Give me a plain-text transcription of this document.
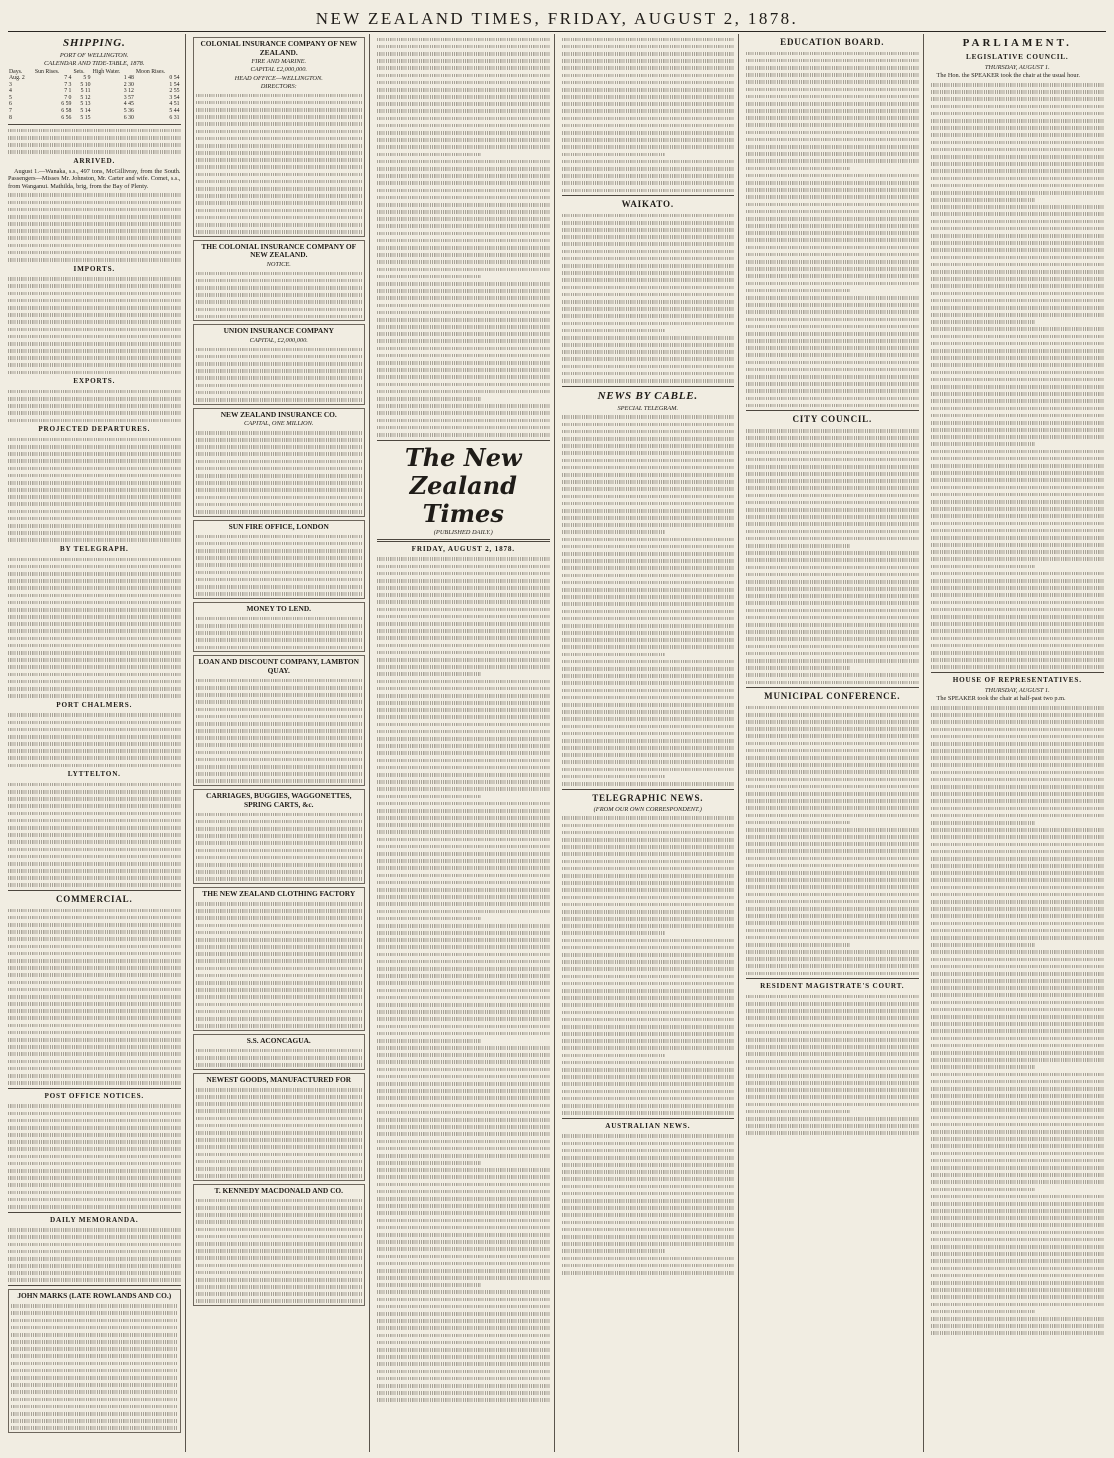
NEW ZEALAND TIMES, FRIDAY, AUGUST 2, 1878.
SHIPPING.
PORT OF WELLINGTON.
CALENDAR AND TIDE-TABLE, 1878.
Days.	Sun Rises.	Sets.	High Water.	Moon Rises.
Aug. 2	7 4	5 9	1 48	0 54
3	7 3	5 10	2 30	1 54
4	7 1	5 11	3 12	2 55
5	7 0	5 12	3 57	3 54
6	6 59	5 13	4 45	4 51
7	6 58	5 14	5 36	5 44
8	6 56	5 15	6 30	6 31
ARRIVED.
August 1.—Wanaka, s.s., 497 tons, McGillivray, from the South. Passengers—Misses Mr. Johnston, Mr. Carter and wife. Comet, s.s., from Wanganui. Mathilda, brig, from the Bay of Plenty.
IMPORTS.
EXPORTS.
PROJECTED DEPARTURES.
BY TELEGRAPH.
PORT CHALMERS.
LYTTELTON.
COMMERCIAL.
POST OFFICE NOTICES.
DAILY MEMORANDA.
JOHN MARKS (LATE ROWLANDS AND CO.)
COLONIAL INSURANCE COMPANY OF NEW ZEALAND.
FIRE AND MARINE.
CAPITAL £2,000,000.
HEAD OFFICE—WELLINGTON.
DIRECTORS:
THE COLONIAL INSURANCE COMPANY OF NEW ZEALAND.
NOTICE.
UNION INSURANCE COMPANY
CAPITAL, £2,000,000.
NEW ZEALAND INSURANCE CO.
CAPITAL, ONE MILLION.
SUN FIRE OFFICE, LONDON
MONEY TO LEND.
LOAN AND DISCOUNT COMPANY, LAMBTON QUAY.
CARRIAGES, BUGGIES, WAGGONETTES, SPRING CARTS, &c.
THE NEW ZEALAND CLOTHING FACTORY
S.S. ACONCAGUA.
NEWEST GOODS, MANUFACTURED FOR
T. KENNEDY MACDONALD AND CO.
The New Zealand Times
(PUBLISHED DAILY.)
FRIDAY, AUGUST 2, 1878.
WAIKATO.
NEWS BY CABLE.
SPECIAL TELEGRAM.
TELEGRAPHIC NEWS.
(FROM OUR OWN CORRESPONDENT.)
AUSTRALIAN NEWS.
EDUCATION BOARD.
CITY COUNCIL.
MUNICIPAL CONFERENCE.
RESIDENT MAGISTRATE'S COURT.
PARLIAMENT.
LEGISLATIVE COUNCIL.
THURSDAY, AUGUST 1.
The Hon. the SPEAKER took the chair at the usual hour.
HOUSE OF REPRESENTATIVES.
THURSDAY, AUGUST 1.
The SPEAKER took the chair at half-past two p.m.
